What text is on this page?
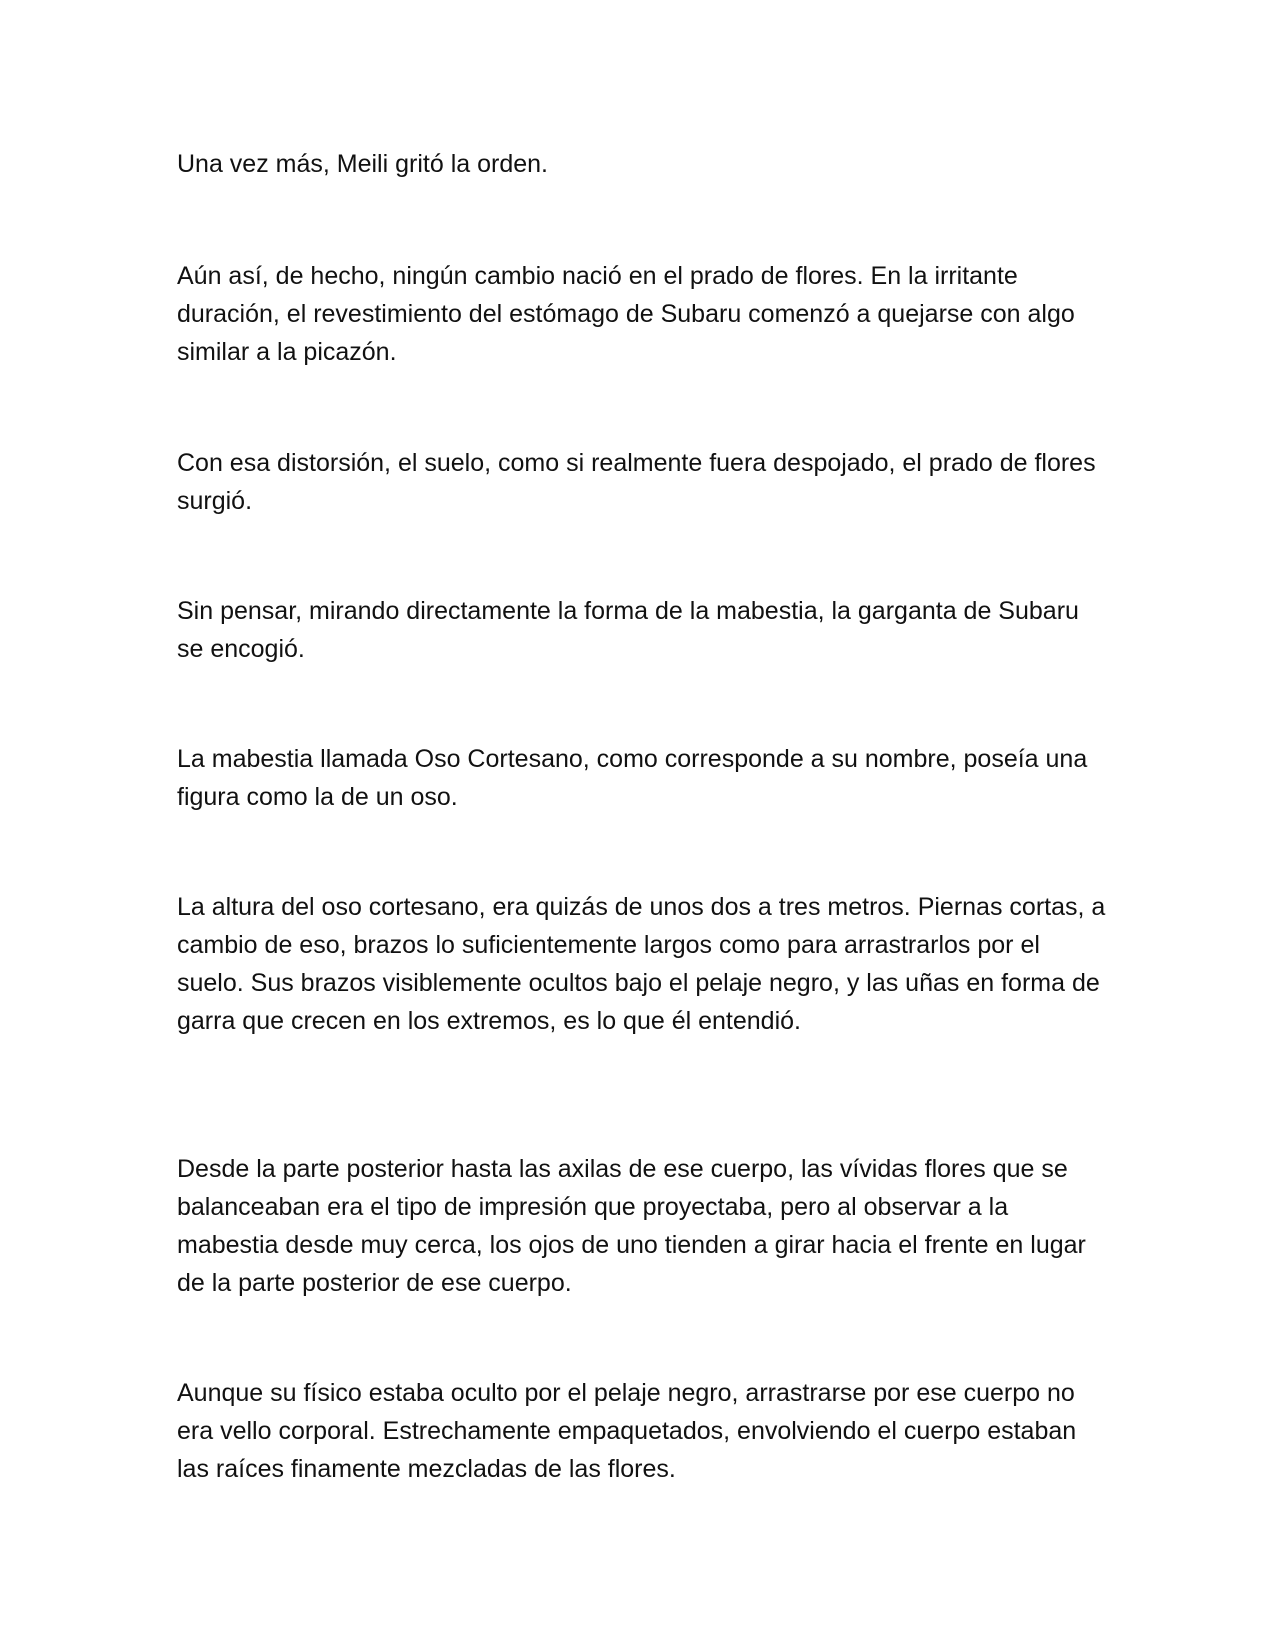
Una vez más, Meili gritó la orden.

Aún así, de hecho, ningún cambio nació en el prado de flores. En la irritante duración, el revestimiento del estómago de Subaru comenzó a quejarse con algo similar a la picazón.

Con esa distorsión, el suelo, como si realmente fuera despojado, el prado de flores surgió.

Sin pensar, mirando directamente la forma de la mabestia, la garganta de Subaru se encogió.

La mabestia llamada Oso Cortesano, como corresponde a su nombre, poseía una figura como la de un oso.

La altura del oso cortesano, era quizás de unos dos a tres metros. Piernas cortas, a cambio de eso, brazos lo suficientemente largos como para arrastrarlos por el suelo. Sus brazos visiblemente ocultos bajo el pelaje negro, y las uñas en forma de garra que crecen en los extremos, es lo que él entendió.

Desde la parte posterior hasta las axilas de ese cuerpo, las vívidas flores que se balanceaban era el tipo de impresión que proyectaba, pero al observar a la mabestia desde muy cerca, los ojos de uno tienden a girar hacia el frente en lugar de la parte posterior de ese cuerpo.

Aunque su físico estaba oculto por el pelaje negro, arrastrarse por ese cuerpo no era vello corporal. Estrechamente empaquetados, envolviendo el cuerpo estaban las raíces finamente mezcladas de las flores.
